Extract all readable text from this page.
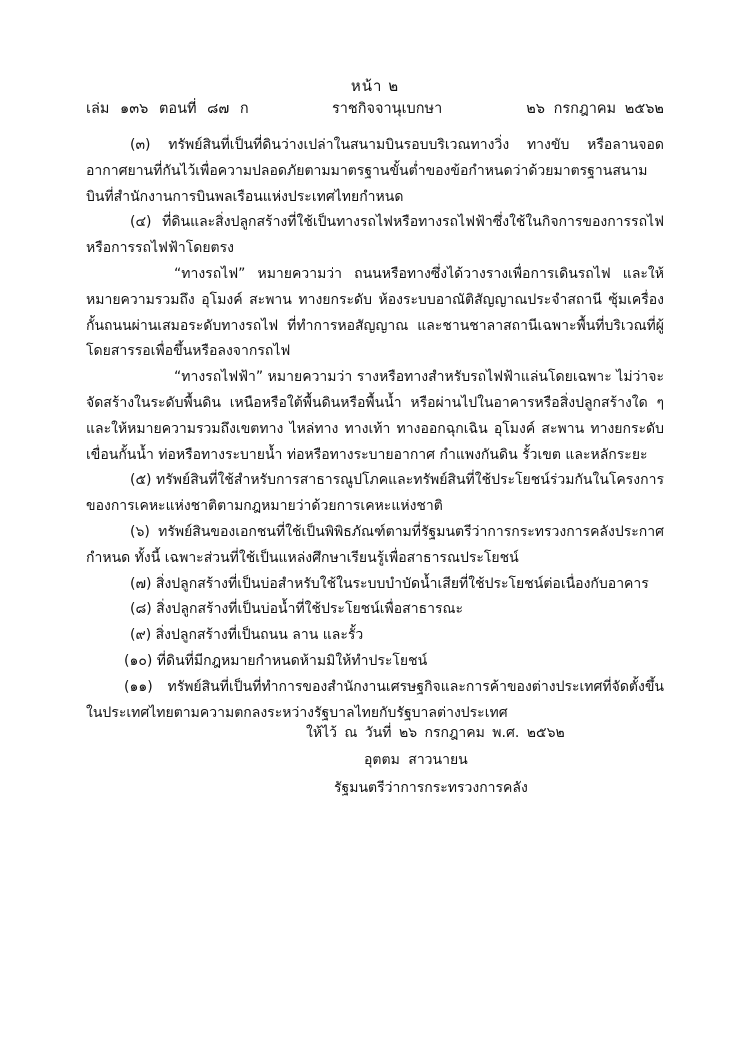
หน้า ๒
เล่ม ๑๓๖ ตอนที่ ๘๗ ก	ราชกิจจานุเบกษา	๒๖ กรกฎาคม ๒๕๖๒

(๓) ทรัพย์สินที่เป็นที่ดินว่างเปล่าในสนามบินรอบบริเวณทางวิ่ง ทางขับ หรือลานจอดอากาศยานที่กันไว้เพื่อความปลอดภัยตามมาตรฐานขั้นต่ำของข้อกำหนดว่าด้วยมาตรฐานสนามบินที่สำนักงานการบินพลเรือนแห่งประเทศไทยกำหนด

(๔) ที่ดินและสิ่งปลูกสร้างที่ใช้เป็นทางรถไฟหรือทางรถไฟฟ้าซึ่งใช้ในกิจการของการรถไฟหรือการรถไฟฟ้าโดยตรง

“ทางรถไฟ” หมายความว่า ถนนหรือทางซึ่งได้วางรางเพื่อการเดินรถไฟ และให้หมายความรวมถึง อุโมงค์ สะพาน ทางยกระดับ ห้องระบบอาณัติสัญญาณประจำสถานี ซุ้มเครื่องกั้นถนนผ่านเสมอระดับทางรถไฟ ที่ทำการหอสัญญาณ และชานชาลาสถานีเฉพาะพื้นที่บริเวณที่ผู้โดยสารรอเพื่อขึ้นหรือลงจากรถไฟ

“ทางรถไฟฟ้า” หมายความว่า รางหรือทางสำหรับรถไฟฟ้าแล่นโดยเฉพาะ ไม่ว่าจะจัดสร้างในระดับพื้นดิน เหนือหรือใต้พื้นดินหรือพื้นน้ำ หรือผ่านไปในอาคารหรือสิ่งปลูกสร้างใด ๆ และให้หมายความรวมถึงเขตทาง ไหล่ทาง ทางเท้า ทางออกฉุกเฉิน อุโมงค์ สะพาน ทางยกระดับเขื่อนกั้นน้ำ ท่อหรือทางระบายน้ำ ท่อหรือทางระบายอากาศ กำแพงกันดิน รั้วเขต และหลักระยะ

(๕) ทรัพย์สินที่ใช้สำหรับการสาธารณูปโภคและทรัพย์สินที่ใช้ประโยชน์ร่วมกันในโครงการของการเคหะแห่งชาติตามกฎหมายว่าด้วยการเคหะแห่งชาติ

(๖) ทรัพย์สินของเอกชนที่ใช้เป็นพิพิธภัณฑ์ตามที่รัฐมนตรีว่าการกระทรวงการคลังประกาศกำหนด ทั้งนี้ เฉพาะส่วนที่ใช้เป็นแหล่งศึกษาเรียนรู้เพื่อสาธารณประโยชน์

(๗) สิ่งปลูกสร้างที่เป็นบ่อสำหรับใช้ในระบบบำบัดน้ำเสียที่ใช้ประโยชน์ต่อเนื่องกับอาคาร

(๘) สิ่งปลูกสร้างที่เป็นบ่อน้ำที่ใช้ประโยชน์เพื่อสาธารณะ

(๙) สิ่งปลูกสร้างที่เป็นถนน ลาน และรั้ว

(๑๐) ที่ดินที่มีกฎหมายกำหนดห้ามมิให้ทำประโยชน์

(๑๑) ทรัพย์สินที่เป็นที่ทำการของสำนักงานเศรษฐกิจและการค้าของต่างประเทศที่จัดตั้งขึ้นในประเทศไทยตามความตกลงระหว่างรัฐบาลไทยกับรัฐบาลต่างประเทศ

ให้ไว้ ณ วันที่ ๒๖ กรกฎาคม พ.ศ. ๒๕๖๒
อุตตม สาวนายน
รัฐมนตรีว่าการกระทรวงการคลัง
